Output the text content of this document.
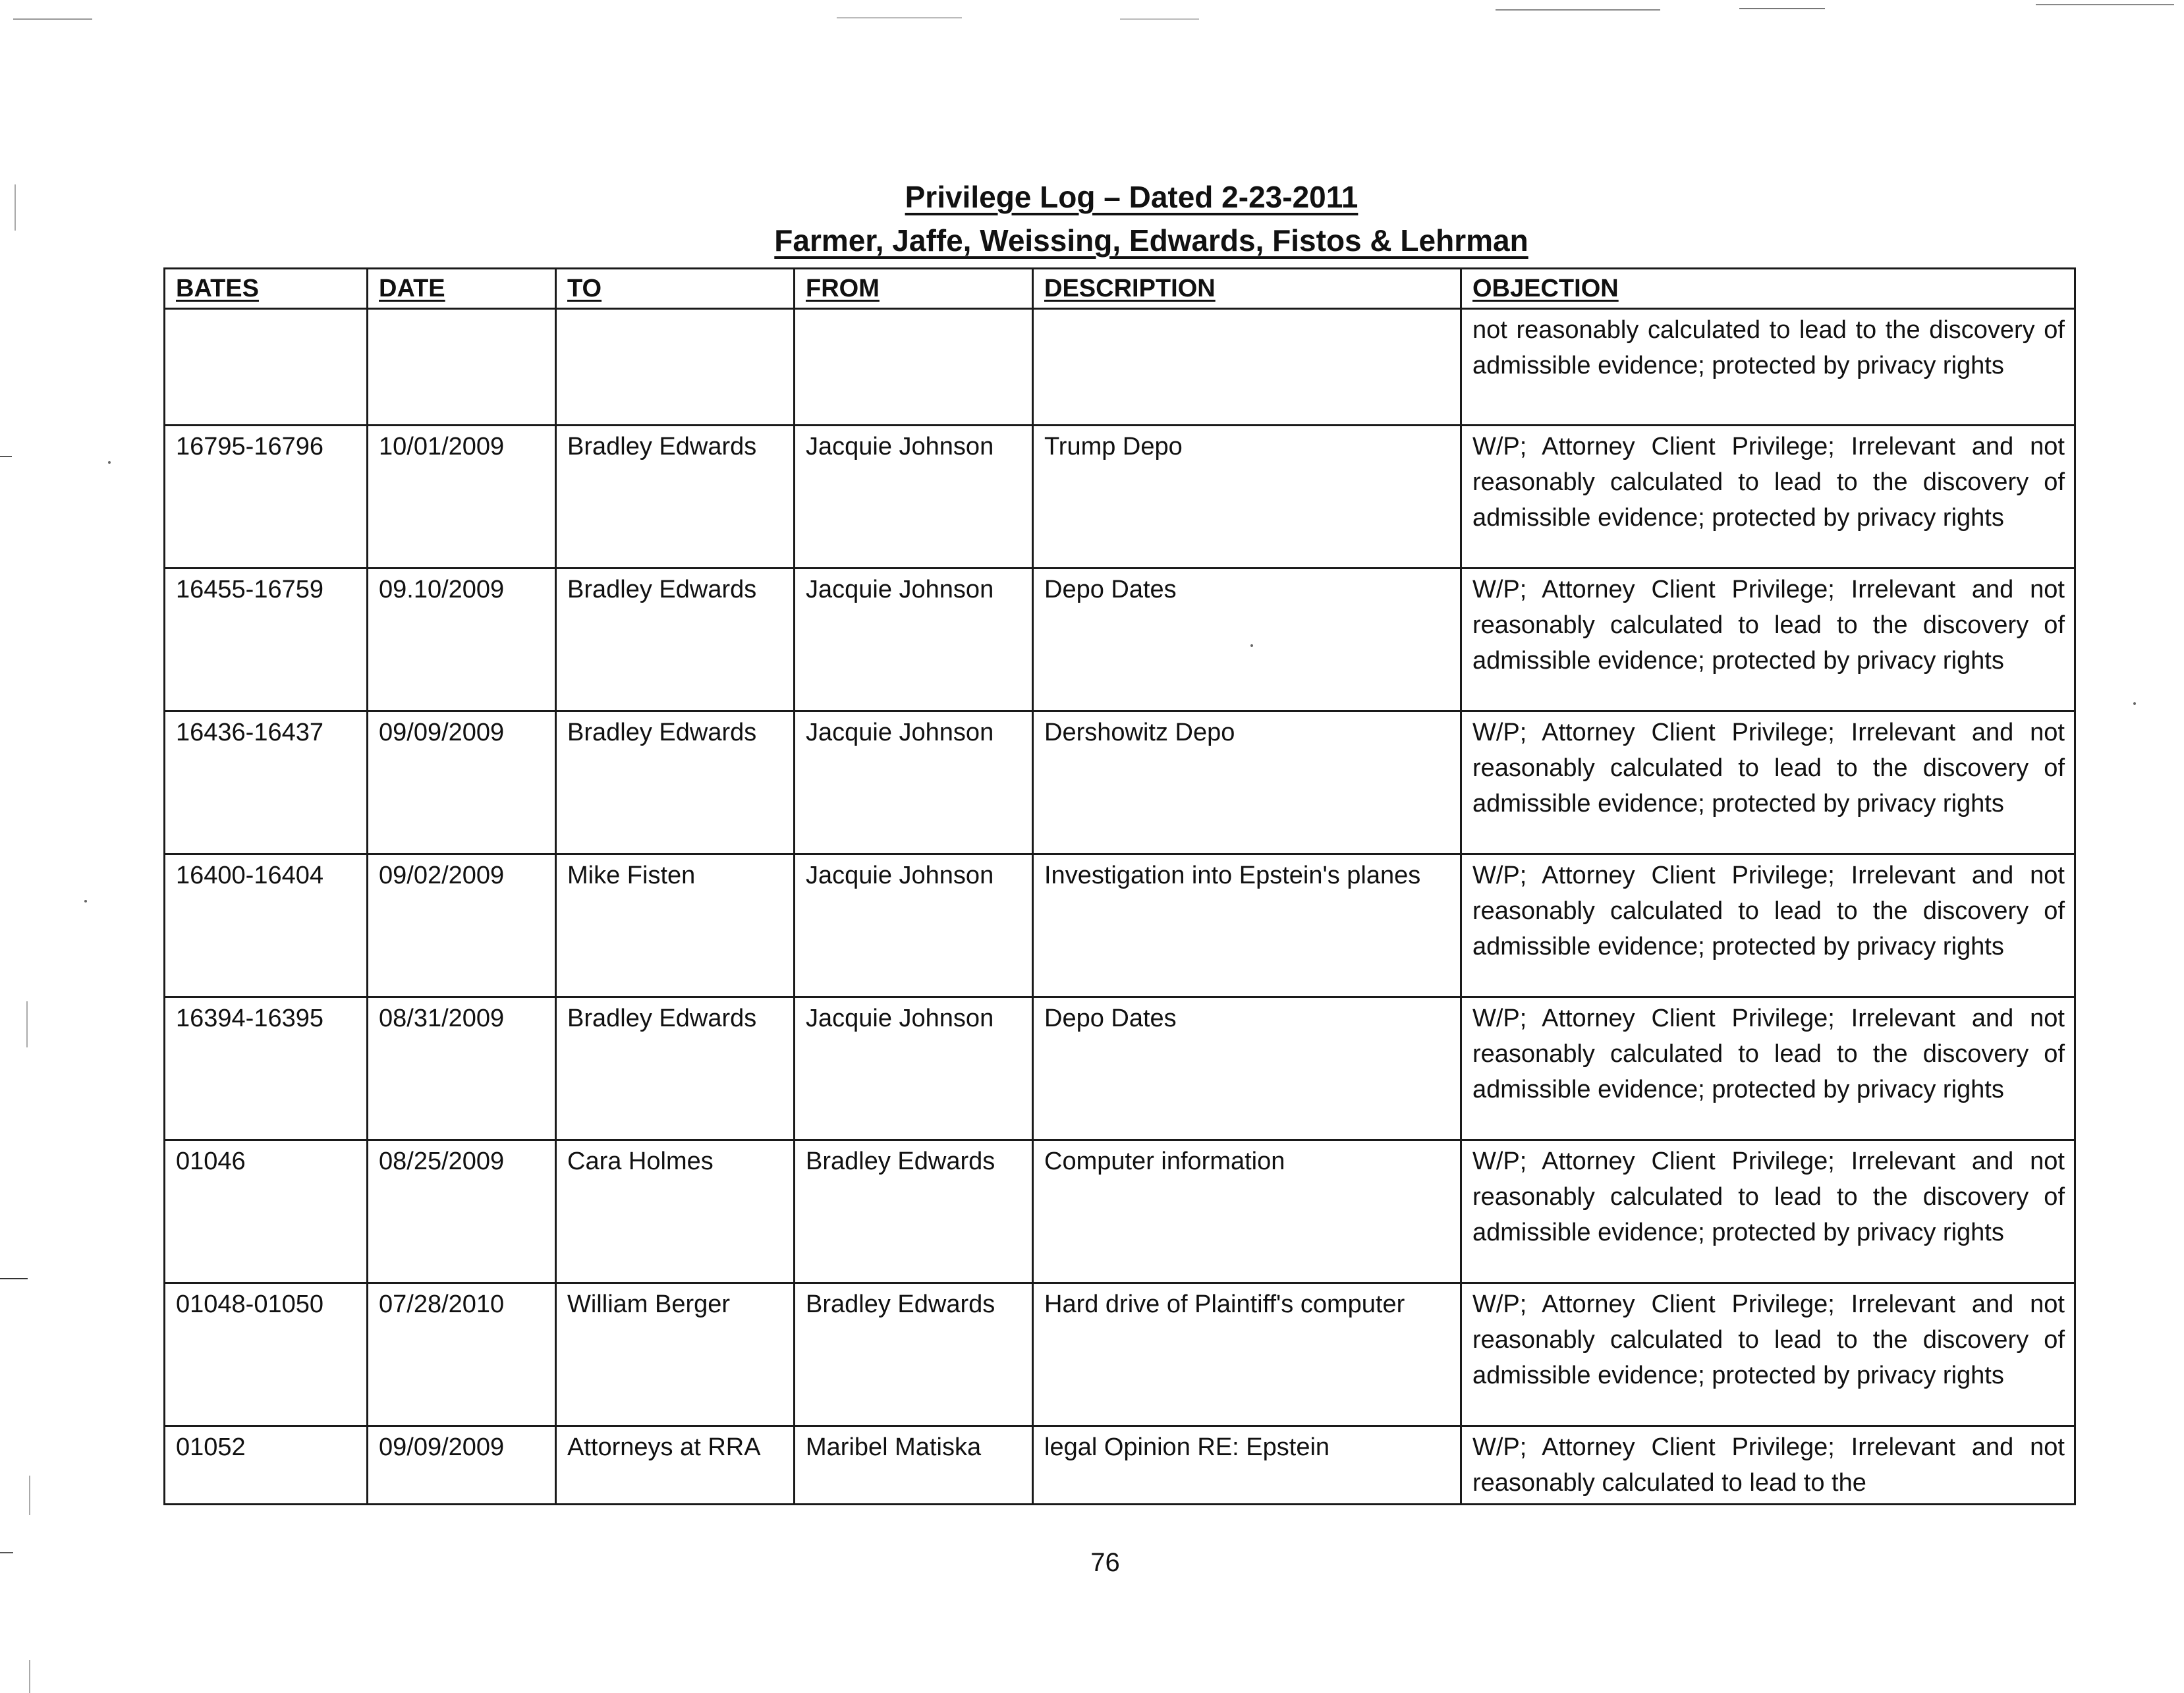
Privilege Log – Dated 2-23-2011
Farmer, Jaffe, Weissing, Edwards, Fistos & Lehrman
BATES	DATE	TO	FROM	DESCRIPTION	OBJECTION
					not reasonably calculated to lead to the discovery of admissible evidence; protected by privacy rights
16795-16796	10/01/2009	Bradley Edwards	Jacquie Johnson	Trump Depo	W/P; Attorney Client Privilege; Irrelevant and not reasonably calculated to lead to the discovery of admissible evidence; protected by privacy rights
16455-16759	09.10/2009	Bradley Edwards	Jacquie Johnson	Depo Dates	W/P; Attorney Client Privilege; Irrelevant and not reasonably calculated to lead to the discovery of admissible evidence; protected by privacy rights
16436-16437	09/09/2009	Bradley Edwards	Jacquie Johnson	Dershowitz Depo	W/P; Attorney Client Privilege; Irrelevant and not reasonably calculated to lead to the discovery of admissible evidence; protected by privacy rights
16400-16404	09/02/2009	Mike Fisten	Jacquie Johnson	Investigation into Epstein's planes	W/P; Attorney Client Privilege; Irrelevant and not reasonably calculated to lead to the discovery of admissible evidence; protected by privacy rights
16394-16395	08/31/2009	Bradley Edwards	Jacquie Johnson	Depo Dates	W/P; Attorney Client Privilege; Irrelevant and not reasonably calculated to lead to the discovery of admissible evidence; protected by privacy rights
01046	08/25/2009	Cara Holmes	Bradley Edwards	Computer information	W/P; Attorney Client Privilege; Irrelevant and not reasonably calculated to lead to the discovery of admissible evidence; protected by privacy rights
01048-01050	07/28/2010	William Berger	Bradley Edwards	Hard drive of Plaintiff's computer	W/P; Attorney Client Privilege; Irrelevant and not reasonably calculated to lead to the discovery of admissible evidence; protected by privacy rights
01052	09/09/2009	Attorneys at RRA	Maribel Matiska	legal Opinion RE: Epstein	W/P; Attorney Client Privilege; Irrelevant and not reasonably calculated to lead to the
76
